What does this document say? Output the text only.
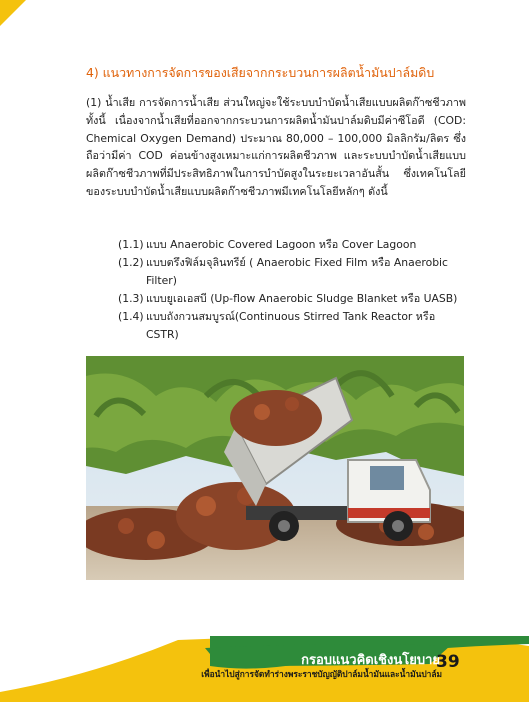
4) แนวทางการจัดการของเสียจากกระบวนการผลิตน้ำมันปาล์มดิบ

(1) น้ำเสีย การจัดการน้ำเสีย ส่วนใหญ่จะใช้ระบบบำบัดน้ำเสียแบบผลิตก๊าซชีวภาพ ทั้งนี้ เนื่องจากน้ำเสียที่ออกจากกระบวนการผลิตน้ำมันปาล์มดิบมีค่าซีโอดี (COD: Chemical Oxygen Demand) ประมาณ 80,000 – 100,000 มิลลิกรัม/ลิตร ซึ่งถือว่ามีค่า COD ค่อนข้างสูงเหมาะแก่การผลิตชีวภาพ และระบบบำบัดน้ำเสียแบบผลิตก๊าซชีวภาพที่มีประสิทธิภาพในการบำบัดสูงในระยะเวลาอันสั้น ซึ่งเทคโนโลยีของระบบบำบัดน้ำเสียแบบผลิตก๊าซชีวภาพมีเทคโนโลยีหลักๆ ดังนี้

(1.1) แบบ Anaerobic Covered Lagoon หรือ Cover Lagoon
(1.2) แบบตรึงฟิล์มจุลินทรีย์ ( Anaerobic Fixed Film หรือ Anaerobic Filter)
(1.3) แบบยูเอเอสบี (Up-flow Anaerobic Sludge Blanket หรือ UASB)
(1.4) แบบถังกวนสมบูรณ์(Continuous Stirred Tank Reactor หรือ CSTR)
กรอบแนวคิดเชิงนโยบาย
เพื่อนำไปสู่การจัดทำร่างพระราชบัญญัติปาล์มน้ำมันและน้ำมันปาล์ม
39
